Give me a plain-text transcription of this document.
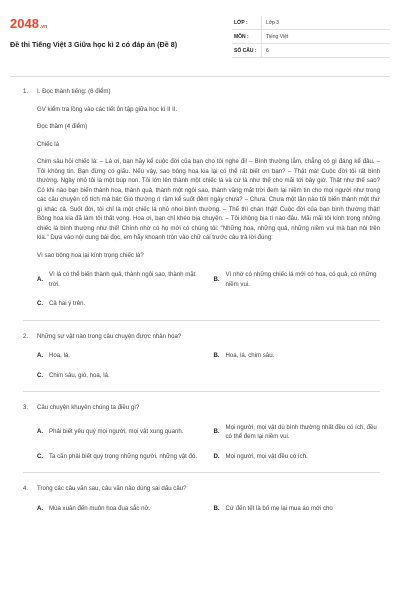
2048.vn
Đề thi Tiếng Việt 3 Giữa học kì 2 có đáp án (Đề 8)
LỚP :	Lớp 3
MÔN :	Tiếng Việt
SỐ CÂU :	6
1.	I. Đọc thành tiếng: (6 điểm)
GV kiểm tra lồng vào các tiết ôn tập giữa học kì II II.
Đọc thầm (4 điểm)
Chiếc lá
Chim sâu hỏi chiếc lá: – Lá ơi, bạn hãy kể cuộc đời của bạn cho tôi nghe đi! – Bình thường lắm, chẳng có gì đáng kể đâu. – Tôi không tin. Bạn đừng có giấu. Nếu vậy, sao bông hoa kia lại có thể rất biết ơn bạn? – Thật mà! Cuộc đời tôi rất bình thường. Ngày nhỏ tôi là một búp non. Tôi lớn lên thành một chiếc lá và cứ là như thế cho mãi tới bây giờ. Thật như thế sao? Có khi nào bạn biến thành hoa, thành quả, thành một ngôi sao, thành vầng mặt trời đem lại niềm tin cho mọi người như trong các câu chuyện cổ tích mà bác Gió thường rì rầm kể suốt đêm ngày chưa? – Chưa. Chưa một lần nào tôi biến thành một thứ gì khác cả. Suốt đời, tôi chỉ là một chiếc lá nhỏ nhoi bình thường. – Thế thì chán thật! Cuộc đời của bạn bình thường thật! Bông hoa kia đã làm tôi thất vọng. Hoa ơi, bạn chỉ khéo bịa chuyện. – Tôi không bịa tí nào đâu. Mãi mãi tôi kính trọng những chiếc lá bình thường như thế! Chính nhờ có họ mới có chúng tôi: "Những hoa, những quả, những niềm vui mà bạn nói trên kia." Dựa vào nội dung bài đọc, em hãy khoanh tròn vào chữ cái trước câu trả lời đúng:
Vì sao bông hoa lại kính trọng chiếc lá?
A.
Vì lá có thể biến thành quả, thành ngôi sao, thành mặt trời.
B.
Vì nhờ có những chiếc lá mới có hoa, có quả, có những niềm vui.
C. Cả hai ý trên.
2.	Những sự vật nào trong câu chuyện được nhân hóa?
A. Hoa, lá.	B. Hoa, lá, chim sâu.
C. Chim sâu, gió, hoa, lá.
3.	Câu chuyện khuyên chúng ta điều gì?
A. Phải biết yêu quý mọi người, mọi vật xung quanh.	B.
Mọi người, mọi vật dù bình thường nhất đều có ích, đều có thể đem lại niềm vui.
C. Ta cần phải biết quý trọng những người, những vật đó.	D. Mọi người, mọi vật đều có ích.
4.	Trong các câu văn sau, câu văn nào dùng sai dấu câu?
A. Mùa xuân đến muôn hoa đua sắc nở.	B. Cứ đến tết là bố mẹ lại mua áo mới cho
